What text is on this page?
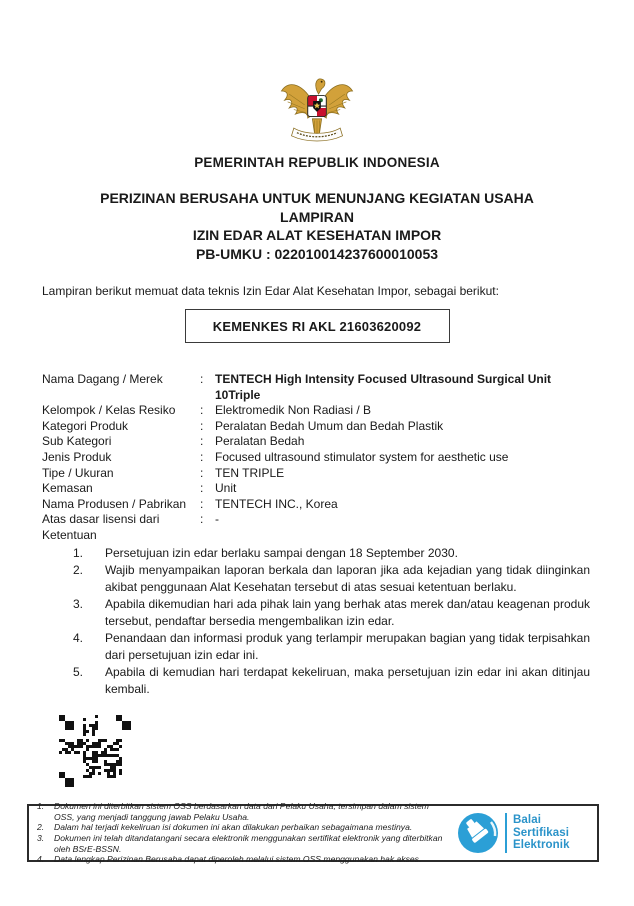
PEMERINTAH REPUBLIK INDONESIA
PERIZINAN BERUSAHA UNTUK MENUNJANG KEGIATAN USAHA
LAMPIRAN
IZIN EDAR ALAT KESEHATAN IMPOR
PB-UMKU : 022010014237600010053
Lampiran berikut memuat data teknis Izin Edar Alat Kesehatan Impor, sebagai berikut:
KEMENKES RI AKL 21603620092
Nama Dagang / Merek	: TENTECH High Intensity Focused Ultrasound Surgical Unit 10Triple
Kelompok / Kelas Resiko	: Elektromedik Non Radiasi / B
Kategori Produk	: Peralatan Bedah Umum dan Bedah Plastik
Sub Kategori	: Peralatan Bedah
Jenis Produk	: Focused ultrasound stimulator system for aesthetic use
Tipe / Ukuran	: TEN TRIPLE
Kemasan	: Unit
Nama Produsen / Pabrikan	: TENTECH INC., Korea
Atas dasar lisensi dari	: -
Ketentuan
1.	Persetujuan izin edar berlaku sampai dengan 18 September 2030.
2.	Wajib menyampaikan laporan berkala dan laporan jika ada kejadian yang tidak diinginkan akibat penggunaan Alat Kesehatan tersebut di atas sesuai ketentuan berlaku.
3.	Apabila dikemudian hari ada pihak lain yang berhak atas merek dan/atau keagenan produk tersebut, pendaftar bersedia mengembalikan izin edar.
4.	Penandaan dan informasi produk yang terlampir merupakan bagian yang tidak terpisahkan dari persetujuan izin edar ini.
5.	Apabila di kemudian hari terdapat kekeliruan, maka persetujuan izin edar ini akan ditinjau kembali.
1.	Dokumen ini diterbitkan sistem OSS berdasarkan data dari Pelaku Usaha, tersimpan dalam sistem OSS, yang menjadi tanggung jawab Pelaku Usaha.
2.	Dalam hal terjadi kekeliruan isi dokumen ini akan dilakukan perbaikan sebagaimana mestinya.
3.	Dokumen ini telah ditandatangani secara elektronik menggunakan sertifikat elektronik yang diterbitkan oleh BSrE-BSSN.
4.	Data lengkap Perizinan Berusaha dapat diperoleh melalui sistem OSS menggunakan hak akses.
Balai
Sertifikasi
Elektronik
